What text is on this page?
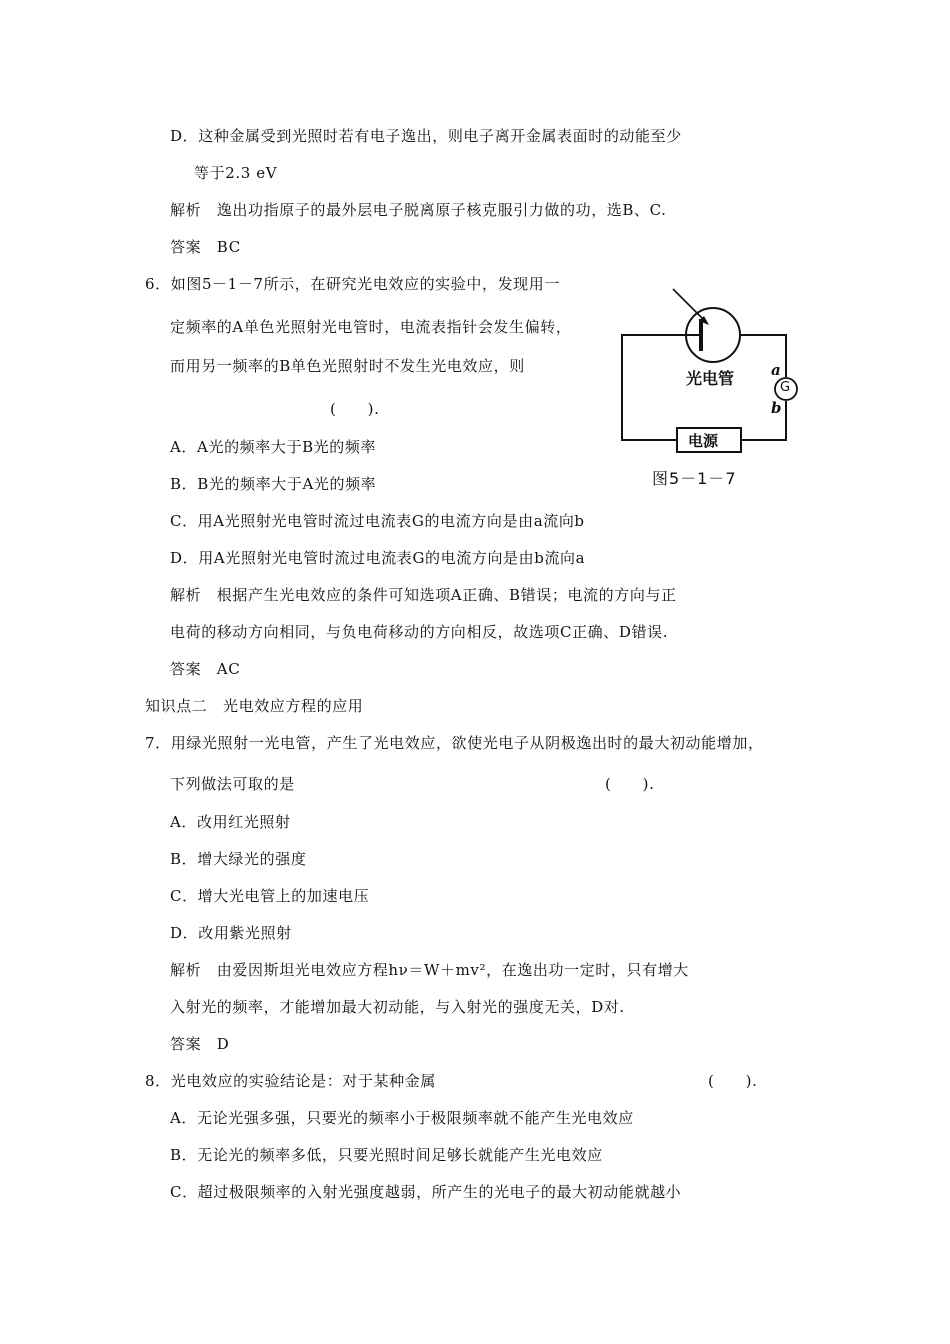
D．这种金属受到光照时若有电子逸出，则电子离开金属表面时的动能至少
等于2.3 eV
解析　逸出功指原子的最外层电子脱离原子核克服引力做的功，选B、C.
答案　BC
6．如图5－1－7所示，在研究光电效应的实验中，发现用一
定频率的A单色光照射光电管时，电流表指针会发生偏转，
而用另一频率的B单色光照射时不发生光电效应，则
(　　).
A．A光的频率大于B光的频率
B．B光的频率大于A光的频率
C．用A光照射光电管时流过电流表G的电流方向是由a流向b
D．用A光照射光电管时流过电流表G的电流方向是由b流向a
解析　根据产生光电效应的条件可知选项A正确、B错误；电流的方向与正
电荷的移动方向相同，与负电荷移动的方向相反，故选项C正确、D错误.
答案　AC
知识点二　光电效应方程的应用
7．用绿光照射一光电管，产生了光电效应，欲使光电子从阴极逸出时的最大初动能增加，
下列做法可取的是	(　　).
A．改用红光照射
B．增大绿光的强度
C．增大光电管上的加速电压
D．改用紫光照射
解析　由爱因斯坦光电效应方程hν＝W＋mv²，在逸出功一定时，只有增大
入射光的频率，才能增加最大初动能，与入射光的强度无关，D对.
答案　D
8．光电效应的实验结论是：对于某种金属	(　　).
A．无论光强多强，只要光的频率小于极限频率就不能产生光电效应
B．无论光的频率多低，只要光照时间足够长就能产生光电效应
C．超过极限频率的入射光强度越弱，所产生的光电子的最大初动能就越小
光电管 a
b
G
电源
图5－1－7
